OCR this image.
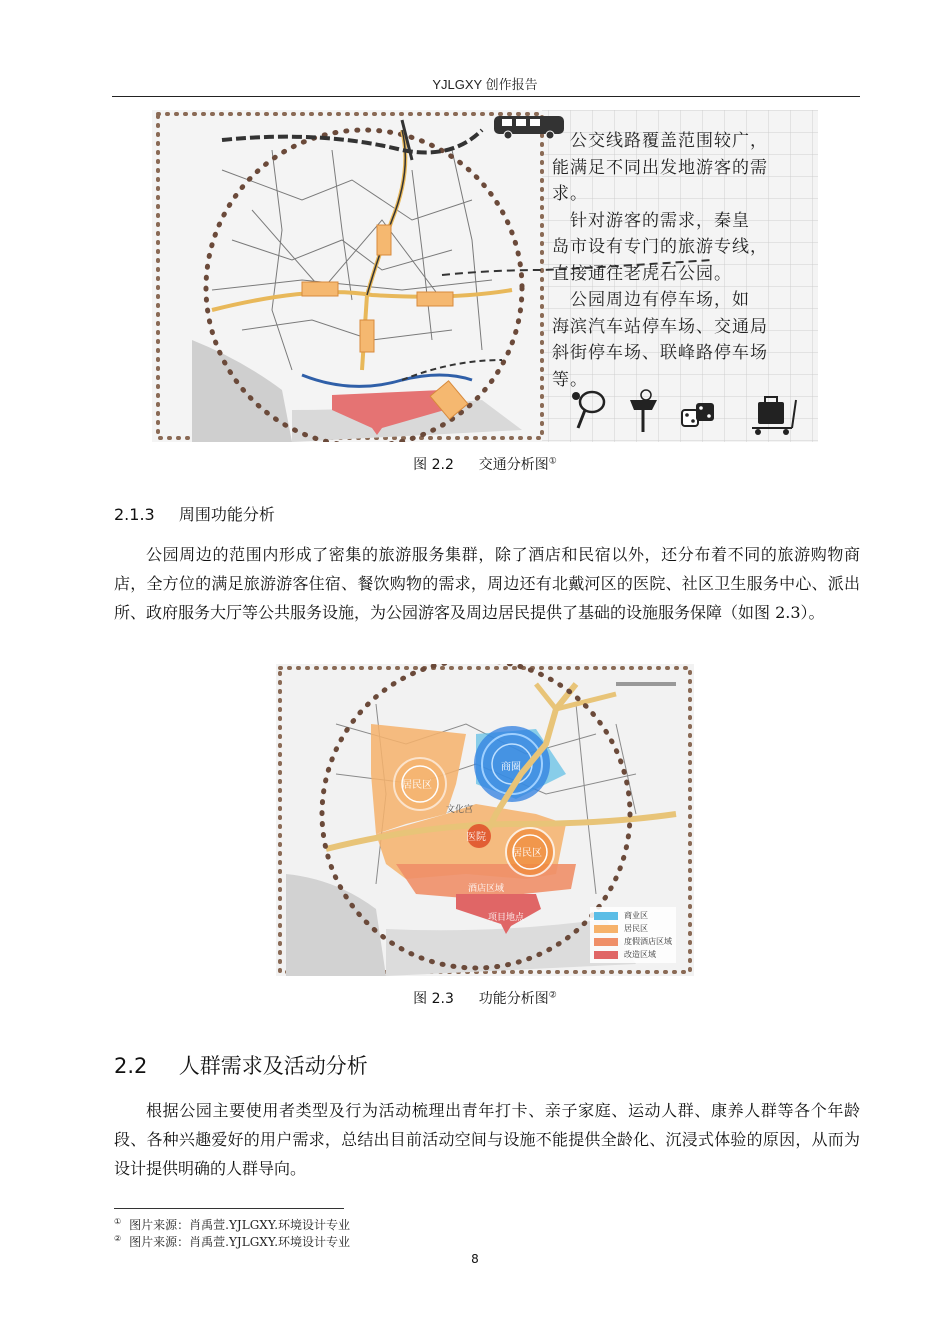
YJLGXY 创作报告
　公交线路覆盖范围较广，
能满足不同出发地游客的需
求。
　针对游客的需求，秦皇
岛市设有专门的旅游专线，
直接通往老虎石公园。
　公园周边有停车场，如
海滨汽车站停车场、交通局
斜街停车场、联峰路停车场
等。
图 2.2 交通分析图①
2.1.3 周围功能分析

公园周边的范围内形成了密集的旅游服务集群，除了酒店和民宿以外，还分布着不同的旅游购物商店，全方位的满足旅游游客住宿、餐饮购物的需求，周边还有北戴河区的医院、社区卫生服务中心、派出所、政府服务大厅等公共服务设施，为公园游客及周边居民提供了基础的设施服务保障（如图 2.3）。

居民区
商圈
文化宫
医院
居民区
酒店区域
项目地点	商业区
居民区
度假酒店区域
改造区域
图 2.3 功能分析图②
2.2 人群需求及活动分析

根据公园主要使用者类型及行为活动梳理出青年打卡、亲子家庭、运动人群、康养人群等各个年龄段、各种兴趣爱好的用户需求，总结出目前活动空间与设施不能提供全龄化、沉浸式体验的原因，从而为设计提供明确的人群导向。

① 图片来源：肖禹萱.YJLGXY.环境设计专业
② 图片来源：肖禹萱.YJLGXY.环境设计专业
8
